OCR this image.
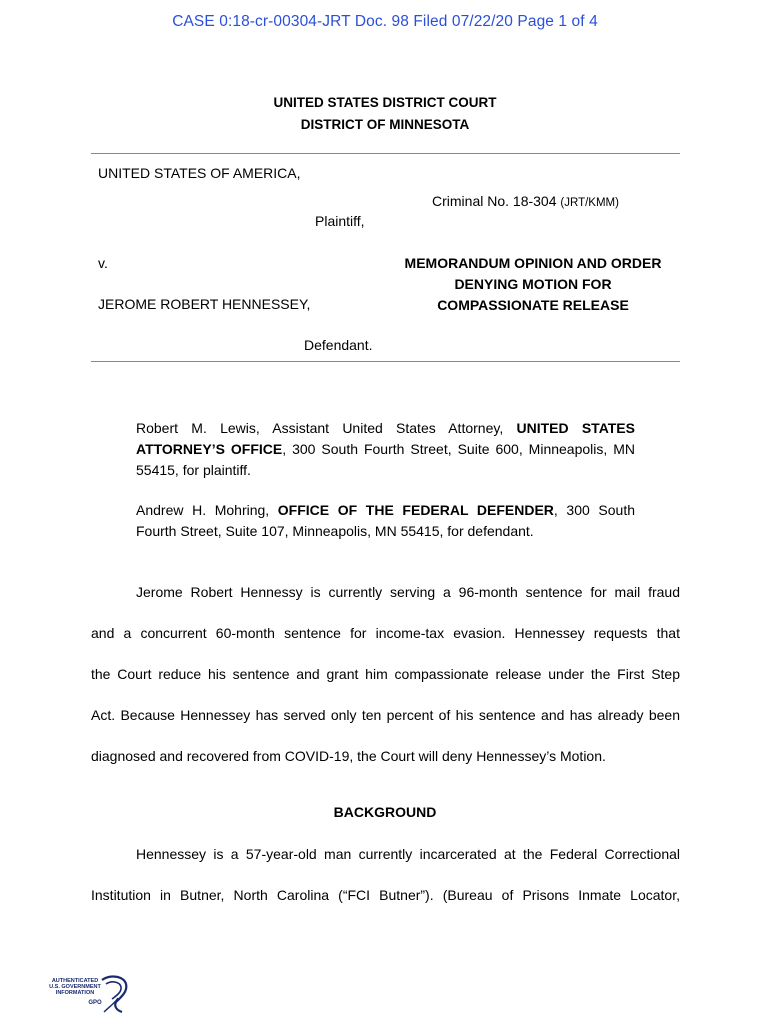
CASE 0:18-cr-00304-JRT Doc. 98 Filed 07/22/20 Page 1 of 4
UNITED STATES DISTRICT COURT
DISTRICT OF MINNESOTA
UNITED STATES OF AMERICA,
Plaintiff,
v.
JEROME ROBERT HENNESSEY,
Defendant.
Criminal No. 18-304 (JRT/KMM)
MEMORANDUM OPINION AND ORDER
DENYING MOTION FOR
COMPASSIONATE RELEASE
Robert M. Lewis, Assistant United States Attorney, UNITED STATES ATTORNEY’S OFFICE, 300 South Fourth Street, Suite 600, Minneapolis, MN 55415, for plaintiff.
Andrew H. Mohring, OFFICE OF THE FEDERAL DEFENDER, 300 South Fourth Street, Suite 107, Minneapolis, MN 55415, for defendant.
Jerome Robert Hennessy is currently serving a 96-month sentence for mail fraud
and a concurrent 60-month sentence for income-tax evasion. Hennessey requests that
the Court reduce his sentence and grant him compassionate release under the First Step
Act. Because Hennessey has served only ten percent of his sentence and has already been
diagnosed and recovered from COVID-19, the Court will deny Hennessey’s Motion.
BACKGROUND
Hennessey is a 57-year-old man currently incarcerated at the Federal Correctional
Institution in Butner, North Carolina (“FCI Butner”). (Bureau of Prisons Inmate Locator,
AUTHENTICATED
U.S. GOVERNMENT
INFORMATION
GPO
